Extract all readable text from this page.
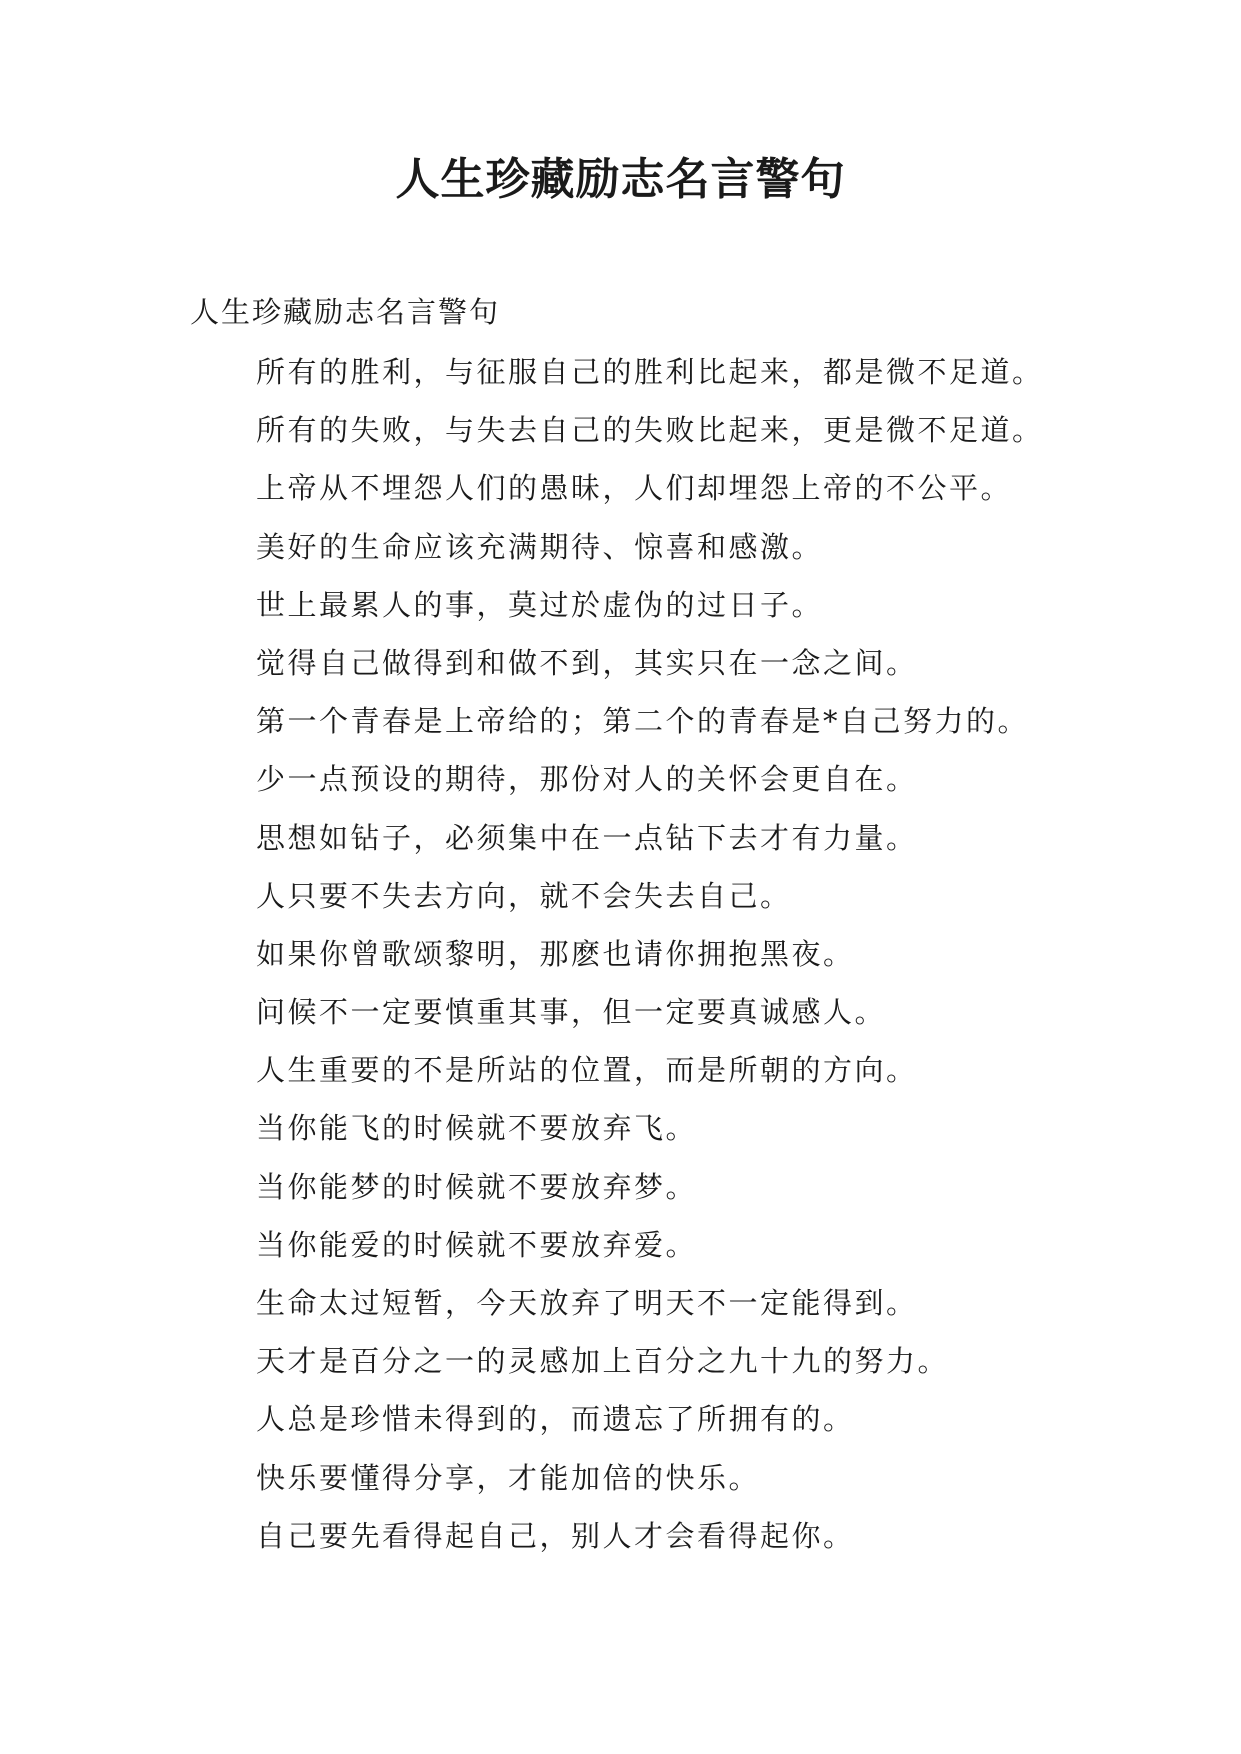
人生珍藏励志名言警句

人生珍藏励志名言警句

所有的胜利，与征服自己的胜利比起来，都是微不足道。
所有的失败，与失去自己的失败比起来，更是微不足道。
上帝从不埋怨人们的愚昧，人们却埋怨上帝的不公平。
美好的生命应该充满期待、惊喜和感激。
世上最累人的事，莫过於虚伪的过日子。
觉得自己做得到和做不到，其实只在一念之间。
第一个青春是上帝给的；第二个的青春是*自己努力的。
少一点预设的期待，那份对人的关怀会更自在。
思想如钻子，必须集中在一点钻下去才有力量。
人只要不失去方向，就不会失去自己。
如果你曾歌颂黎明，那麽也请你拥抱黑夜。
问候不一定要慎重其事，但一定要真诚感人。
人生重要的不是所站的位置，而是所朝的方向。
当你能飞的时候就不要放弃飞。
当你能梦的时候就不要放弃梦。
当你能爱的时候就不要放弃爱。
生命太过短暂，今天放弃了明天不一定能得到。
天才是百分之一的灵感加上百分之九十九的努力。
人总是珍惜未得到的，而遗忘了所拥有的。
快乐要懂得分享，才能加倍的快乐。
自己要先看得起自己，别人才会看得起你。
